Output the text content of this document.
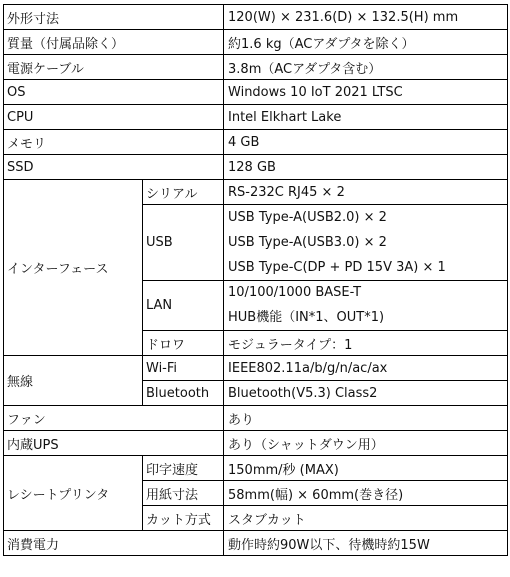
外形寸法		120(W) × 231.6(D) × 132.5(H) mm
質量（付属品除く）		約1.6 kg（ACアダプタを除く）
電源ケーブル		3.8m（ACアダプタ含む）
OS		Windows 10 IoT 2021 LTSC
CPU		Intel Elkhart Lake
メモリ		4 GB
SSD		128 GB
インターフェース	シリアル	RS-232C RJ45 × 2
	USB	USB Type-A(USB2.0) × 2
USB Type-A(USB3.0) × 2
USB Type-C(DP + PD 15V 3A) × 1

	LAN	10/100/1000 BASE-T
HUB機能（IN*1、OUT*1)

	ドロワ	モジュラータイプ：1
無線	Wi-Fi	IEEE802.11a/b/g/n/ac/ax
	Bluetooth	Bluetooth(V5.3) Class2
ファン		あり
内蔵UPS		あり（シャットダウン用）
レシートプリンタ	印字速度	150mm/秒 (MAX)
	用紙寸法	58mm(幅) × 60mm(巻き径)
	カット方式	スタブカット
消費電力		動作時約90W以下、待機時約15W
